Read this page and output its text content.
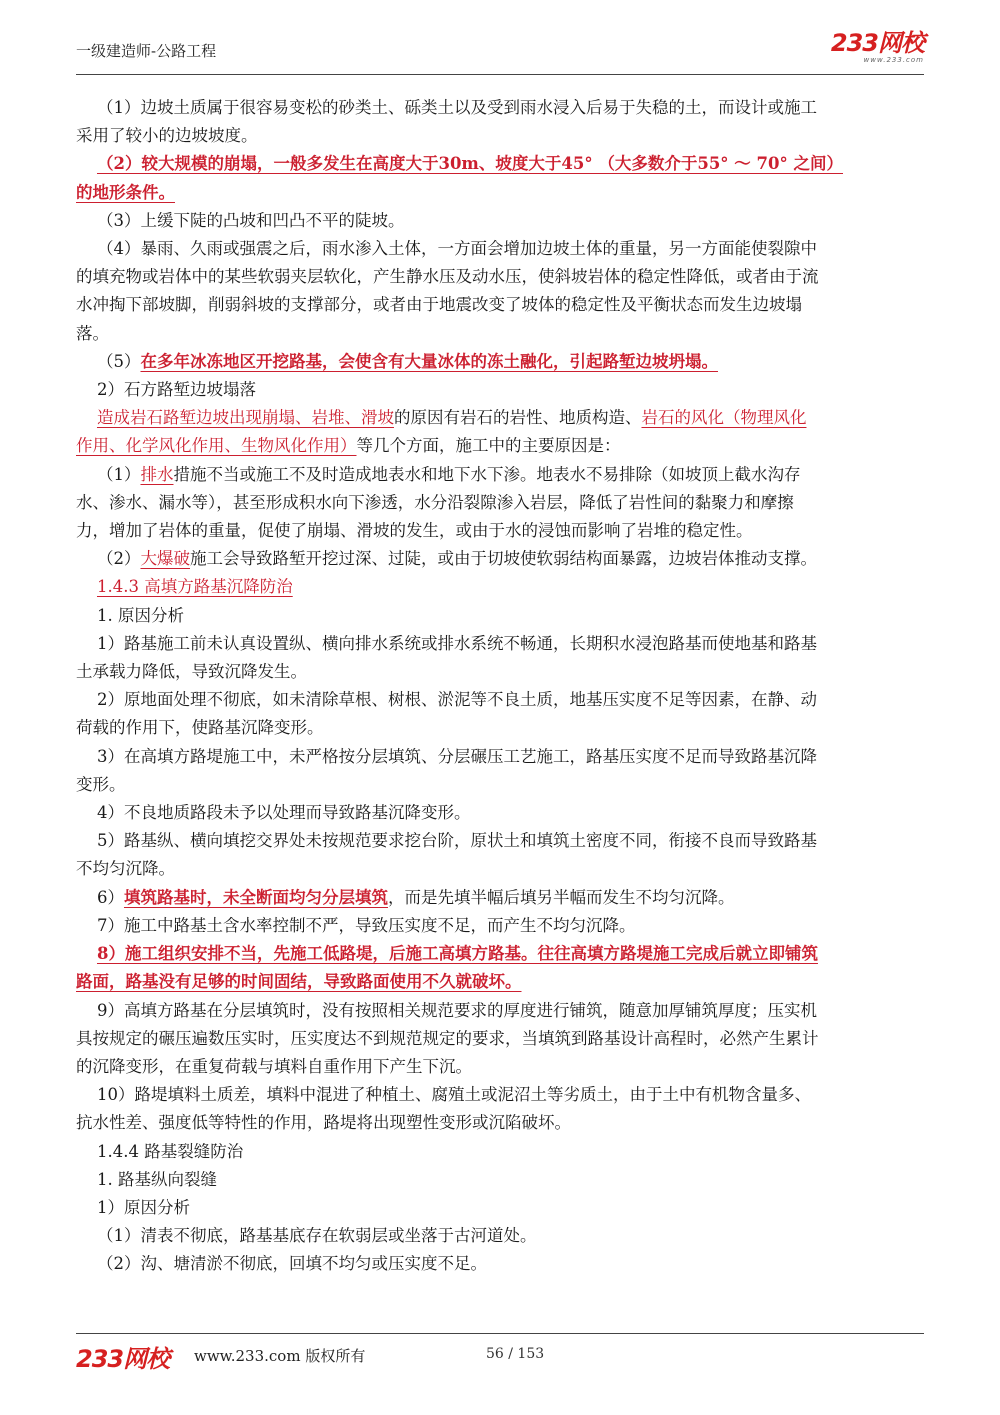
一级建造师-公路工程	233网校
www.233.com
（1）边坡土质属于很容易变松的砂类土、砾类土以及受到雨水浸入后易于失稳的土，而设计或施工
采用了较小的边坡坡度。
（2）较大规模的崩塌，一般多发生在高度大于30m、坡度大于45° （大多数介于55° ～ 70° 之间）
的地形条件。
（3）上缓下陡的凸坡和凹凸不平的陡坡。
（4）暴雨、久雨或强震之后，雨水渗入土体，一方面会增加边坡土体的重量，另一方面能使裂隙中
的填充物或岩体中的某些软弱夹层软化，产生静水压及动水压，使斜坡岩体的稳定性降低，或者由于流
水冲掏下部坡脚，削弱斜坡的支撑部分，或者由于地震改变了坡体的稳定性及平衡状态而发生边坡塌
落。
（5）在多年冰冻地区开挖路基，会使含有大量冰体的冻土融化，引起路堑边坡坍塌。
2）石方路堑边坡塌落
造成岩石路堑边坡出现崩塌、岩堆、滑坡的原因有岩石的岩性、地质构造、岩石的风化（物理风化
作用、化学风化作用、生物风化作用）等几个方面，施工中的主要原因是：
（1）排水措施不当或施工不及时造成地表水和地下水下渗。地表水不易排除（如坡顶上截水沟存
水、渗水、漏水等），甚至形成积水向下渗透，水分沿裂隙渗入岩层，降低了岩性间的黏聚力和摩擦
力，增加了岩体的重量，促使了崩塌、滑坡的发生，或由于水的浸蚀而影响了岩堆的稳定性。
（2）大爆破施工会导致路堑开挖过深、过陡，或由于切坡使软弱结构面暴露，边坡岩体推动支撑。
1.4.3 高填方路基沉降防治
1. 原因分析
1）路基施工前未认真设置纵、横向排水系统或排水系统不畅通，长期积水浸泡路基而使地基和路基
土承载力降低，导致沉降发生。
2）原地面处理不彻底，如未清除草根、树根、淤泥等不良土质，地基压实度不足等因素，在静、动
荷载的作用下，使路基沉降变形。
3）在高填方路堤施工中，未严格按分层填筑、分层碾压工艺施工，路基压实度不足而导致路基沉降
变形。
4）不良地质路段未予以处理而导致路基沉降变形。
5）路基纵、横向填挖交界处未按规范要求挖台阶，原状土和填筑土密度不同，衔接不良而导致路基
不均匀沉降。
6）填筑路基时，未全断面均匀分层填筑，而是先填半幅后填另半幅而发生不均匀沉降。
7）施工中路基土含水率控制不严，导致压实度不足，而产生不均匀沉降。
8）施工组织安排不当，先施工低路堤，后施工高填方路基。往往高填方路堤施工完成后就立即铺筑
路面，路基没有足够的时间固结，导致路面使用不久就破坏。
9）高填方路基在分层填筑时，没有按照相关规范要求的厚度进行铺筑，随意加厚铺筑厚度；压实机
具按规定的碾压遍数压实时，压实度达不到规范规定的要求，当填筑到路基设计高程时，必然产生累计
的沉降变形，在重复荷载与填料自重作用下产生下沉。
10）路堤填料土质差，填料中混进了种植土、腐殖土或泥沼土等劣质土，由于土中有机物含量多、
抗水性差、强度低等特性的作用，路堤将出现塑性变形或沉陷破坏。
1.4.4 路基裂缝防治
1. 路基纵向裂缝
1）原因分析
（1）清表不彻底，路基基底存在软弱层或坐落于古河道处。
（2）沟、塘清淤不彻底，回填不均匀或压实度不足。
233网校 www.233.com 版权所有	56 / 153
